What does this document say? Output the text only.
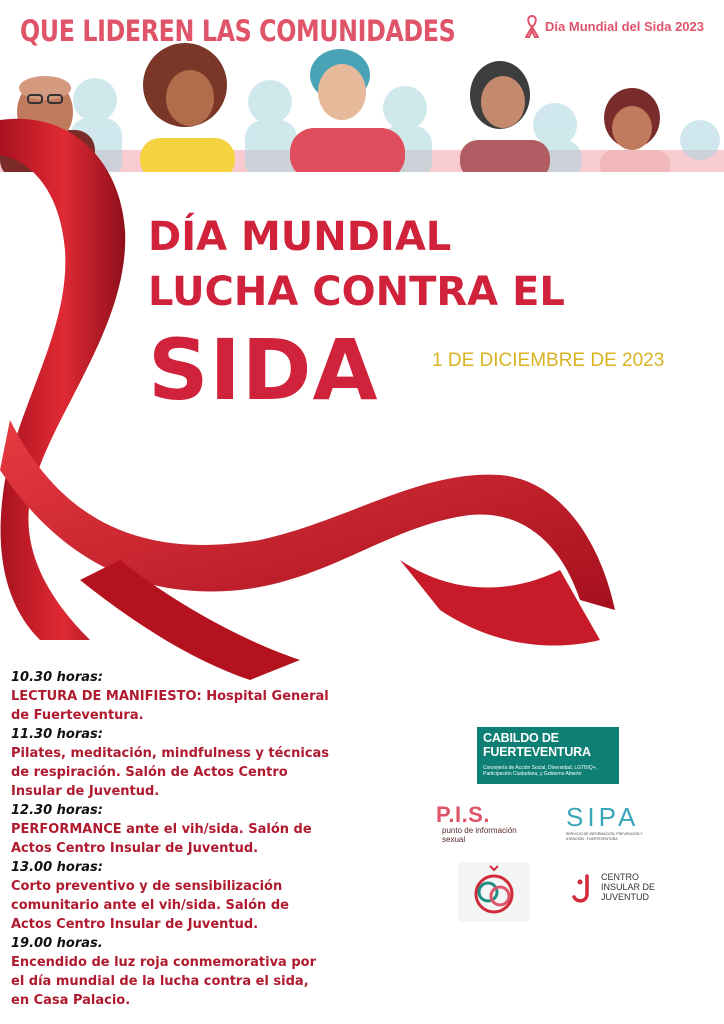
QUE LIDEREN LAS COMUNIDADES	Día Mundial del Sida 2023
DÍA MUNDIAL
LUCHA CONTRA EL
SIDA	1 DE DICIEMBRE DE 2023
10.30 horas:
LECTURA DE MANIFIESTO: Hospital General de Fuerteventura.
11.30 horas:
Pilates, meditación, mindfulness y técnicas de respiración. Salón de Actos Centro Insular de Juventud.
12.30 horas:
PERFORMANCE ante el vih/sida. Salón de Actos Centro Insular de Juventud.
13.00 horas:
Corto preventivo y de sensibilización comunitario ante el vih/sida. Salón de Actos Centro Insular de Juventud.
19.00 horas.
Encendido de luz roja conmemorativa por el día mundial de la lucha contra el sida, en Casa Palacio.
CABILDO DE
FUERTEVENTURA
Consejería de Acción Social, Diversidad, LGTBIQ+, Participación Ciudadana, y Gobierno Abierto
P.I.S.
punto de información sexual
SIPA
SERVICIO DE INFORMACIÓN, PREVENCIÓN Y ATENCIÓN · FUERTEVENTURA
CENTRO
INSULAR DE
JUVENTUD
